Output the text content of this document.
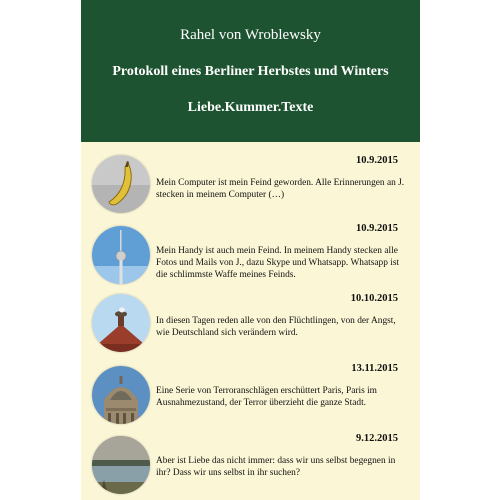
Rahel von Wroblewsky
Protokoll eines Berliner Herbstes und Winters
Liebe.Kummer.Texte
10.9.2015
Mein Computer ist mein Feind geworden. Alle Erinnerungen an J. stecken in meinem Computer (…)
10.9.2015
Mein Handy ist auch mein Feind. In meinem Handy stecken alle Fotos und Mails von J., dazu Skype und Whatsapp. Whatsapp ist die schlimmste Waffe meines Feinds.
10.10.2015
In diesen Tagen reden alle von den Flüchtlingen, von der Angst, wie Deutschland sich verändern wird.
13.11.2015
Eine Serie von Terroranschlägen erschüttert Paris, Paris im Ausnahmezustand, der Terror überzieht die ganze Stadt.
9.12.2015
Aber ist Liebe das nicht immer: dass wir uns selbst begegnen in ihr? Dass wir uns selbst in ihr suchen?
